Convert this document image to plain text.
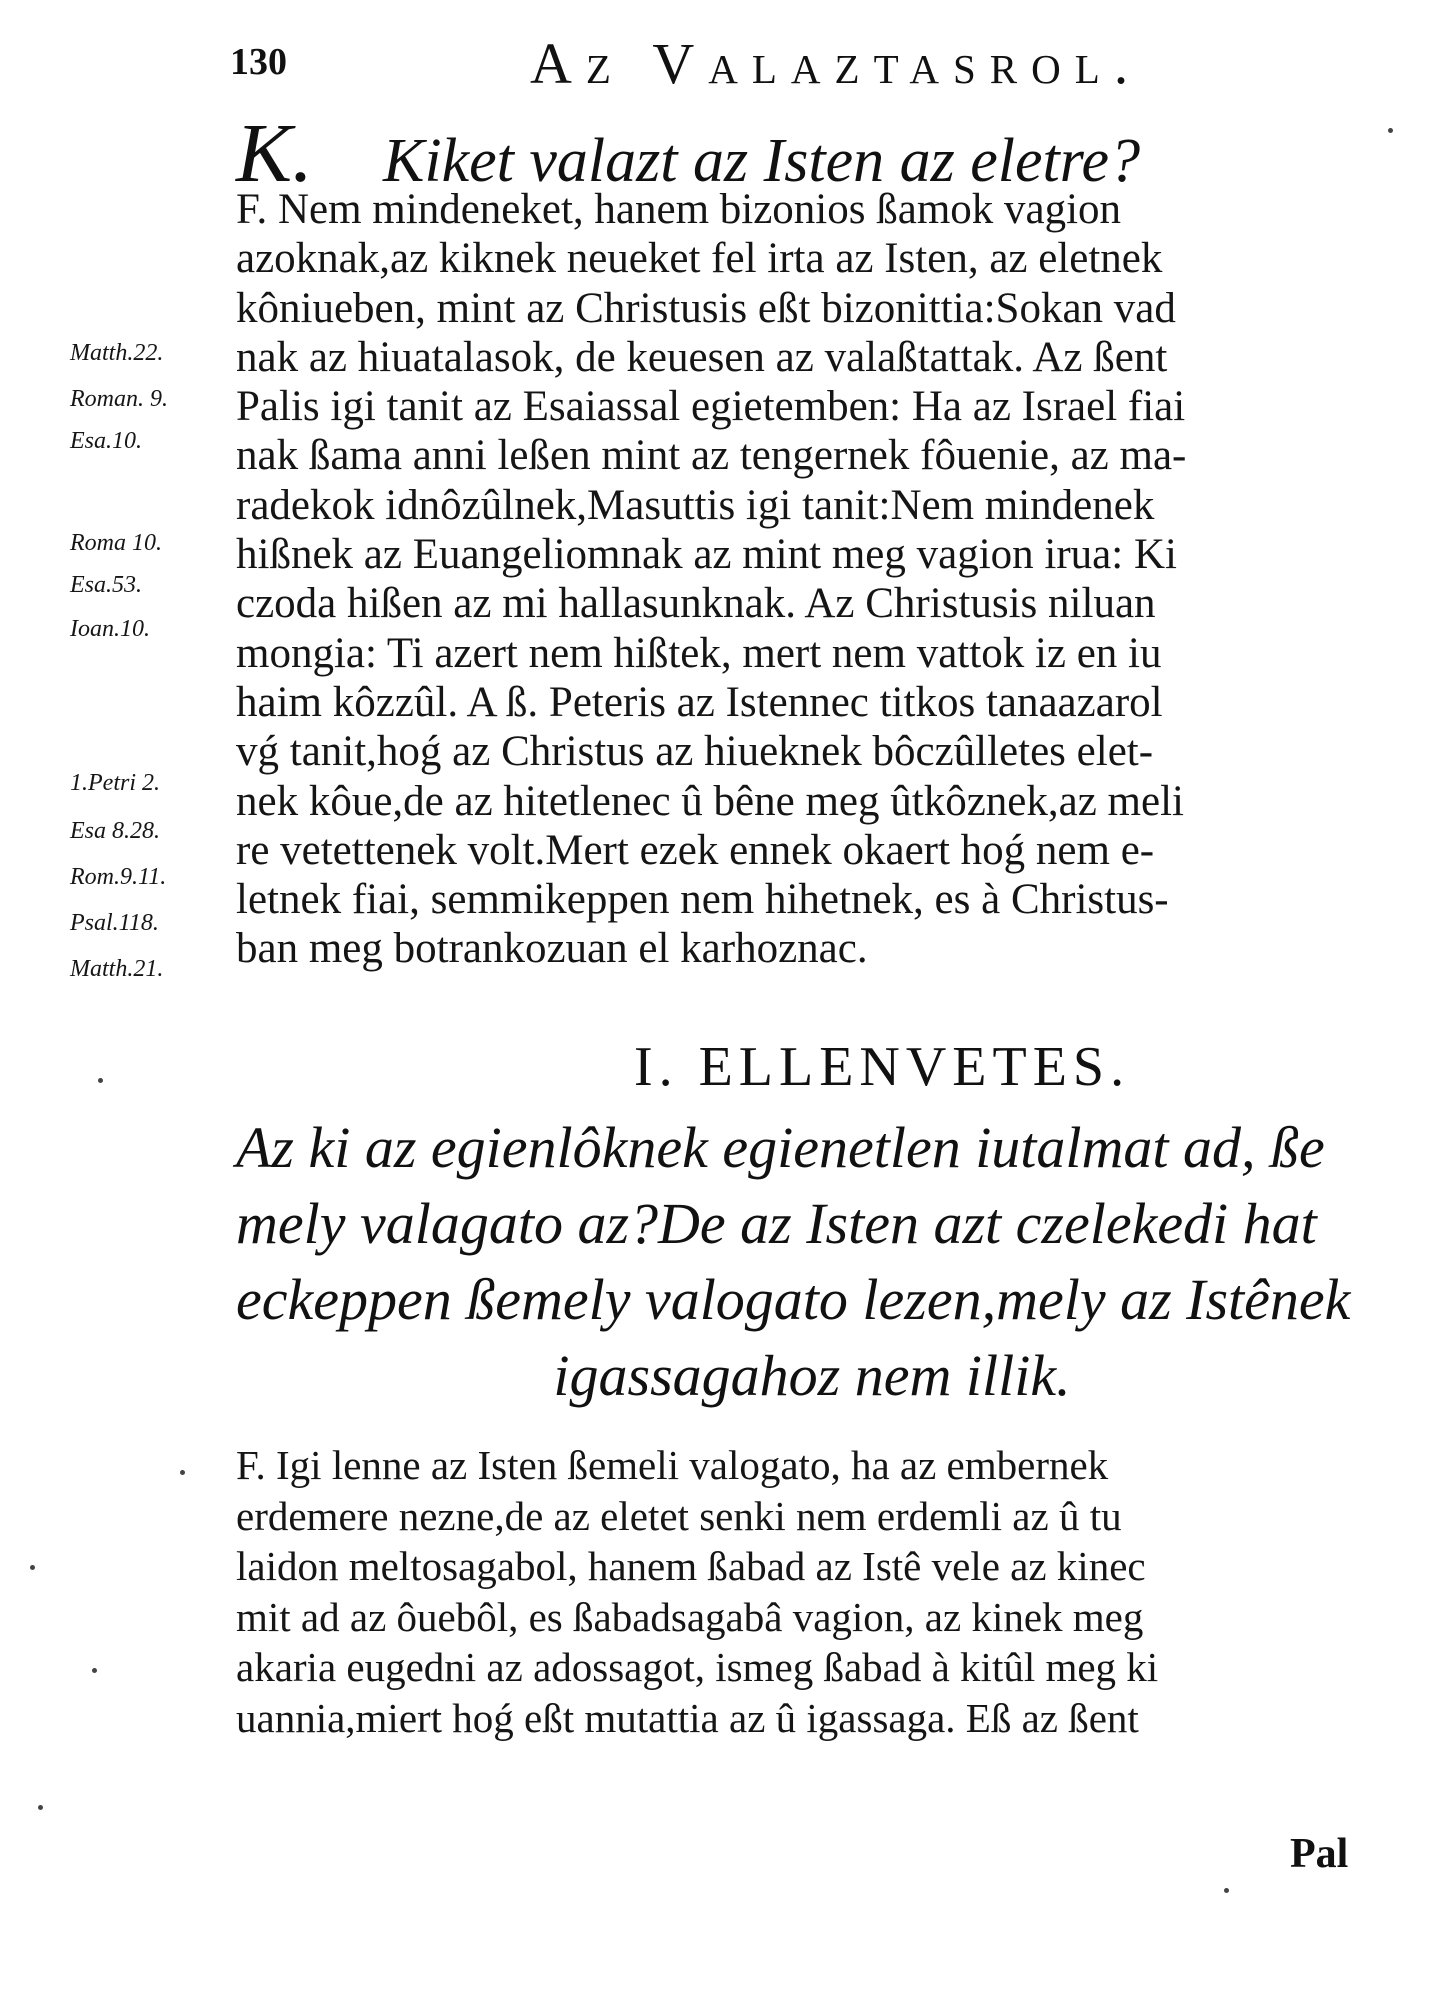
130	Az Valaztasrol.
K. Kiket valazt az Isten az eletre?
F. Nem mindeneket, hanem bizonios ßamok vagion
azoknak,az kiknek neueket fel irta az Isten, az eletnek
kôniueben, mint az Christusis eßt bizonittia:Sokan vad
nak az hiuatalasok, de keuesen az valaßtattak. Az ßent
Palis igi tanit az Esaiassal egietemben: Ha az Israel fiai
nak ßama anni leßen mint az tengernek fôuenie, az ma-
radekok idnôzûlnek,Masuttis igi tanit:Nem mindenek
hißnek az Euangeliomnak az mint meg vagion irua: Ki
czoda hißen az mi hallasunknak. Az Christusis niluan
mongia: Ti azert nem hißtek, mert nem vattok iz en iu
haim kôzzûl. A ß. Peteris az Istennec titkos tanaazarol
vǵ tanit,hoǵ az Christus az hiueknek bôczûlletes elet-
nek kôue,de az hitetlenec û bêne meg ûtkôznek,az meli
re vetettenek volt.Mert ezek ennek okaert hoǵ nem e-
letnek fiai, semmikeppen nem hihetnek, es à Christus-
ban meg botrankozuan el karhoznac.
Matth.22.
Roman. 9.
Esa.10.
Roma 10.
Esa.53.
Ioan.10.
1.Petri 2.
Esa 8.28.
Rom.9.11.
Psal.118.
Matth.21.
I. ELLENVETES.
Az ki az egienlôknek egienetlen iutalmat ad, ße
mely valagato az?De az Isten azt czelekedi hat
eckeppen ßemely valogato lezen,mely az Istênek
igassagahoz nem illik.
F. Igi lenne az Isten ßemeli valogato, ha az embernek
erdemere nezne,de az eletet senki nem erdemli az û tu
laidon meltosagabol, hanem ßabad az Istê vele az kinec
mit ad az ôuebôl, es ßabadsagabâ vagion, az kinek meg
akaria eugedni az adossagot, ismeg ßabad à kitûl meg ki
uannia,miert hoǵ eßt mutattia az û igassaga. Eß az ßent
Pal
